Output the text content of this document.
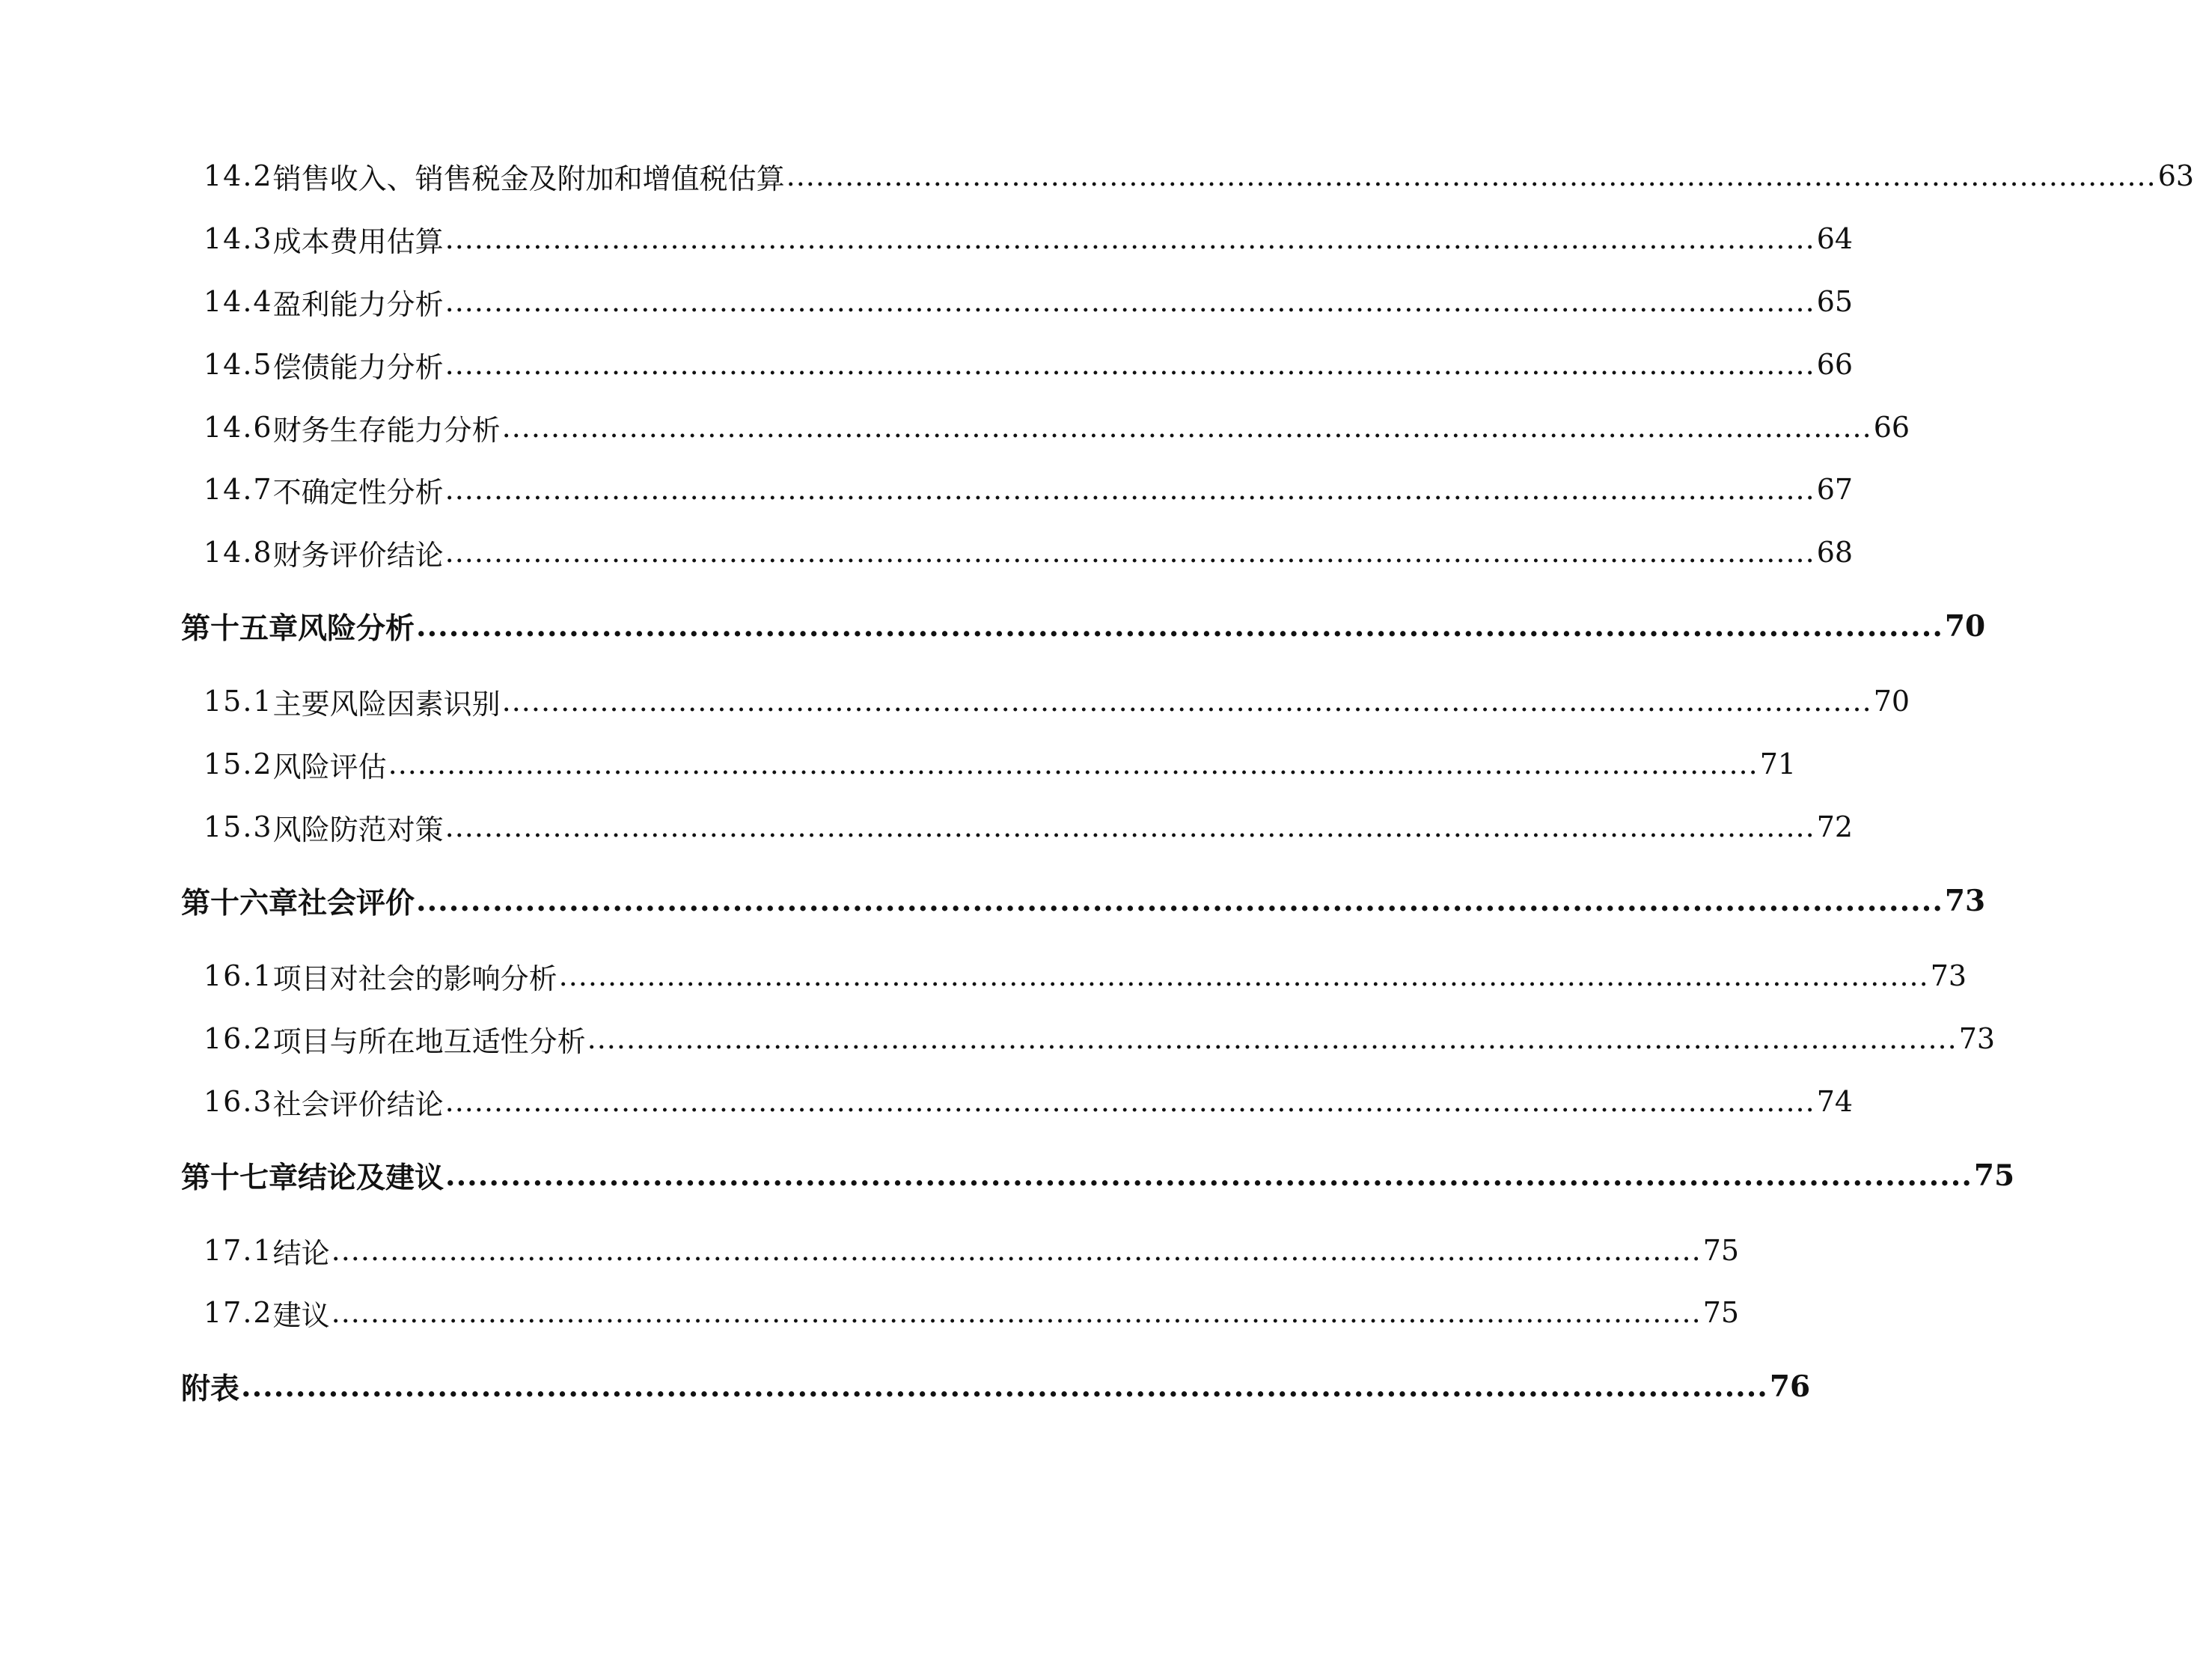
14.2 销售收入、销售税金及附加和增值税估算 ............................................................................................................................................ 63
14.3 成本费用估算 ............................................................................................................................................ 64
14.4 盈利能力分析 ............................................................................................................................................ 65
14.5 偿债能力分析 ............................................................................................................................................ 66
14.6 财务生存能力分析 ............................................................................................................................................ 66
14.7 不确定性分析 ............................................................................................................................................ 67
14.8 财务评价结论 ............................................................................................................................................ 68
第十五章 风险分析 ............................................................................................................................................ 70
15.1 主要风险因素识别 ............................................................................................................................................ 70
15.2 风险评估 ............................................................................................................................................ 71
15.3 风险防范对策 ............................................................................................................................................ 72
第十六章 社会评价 ............................................................................................................................................ 73
16.1 项目对社会的影响分析 ............................................................................................................................................ 73
16.2 项目与所在地互适性分析 ............................................................................................................................................ 73
16.3 社会评价结论 ............................................................................................................................................ 74
第十七章 结论及建议 ............................................................................................................................................ 75
17.1 结论 ............................................................................................................................................ 75
17.2 建议 ............................................................................................................................................ 75
附表 ............................................................................................................................................ 76
